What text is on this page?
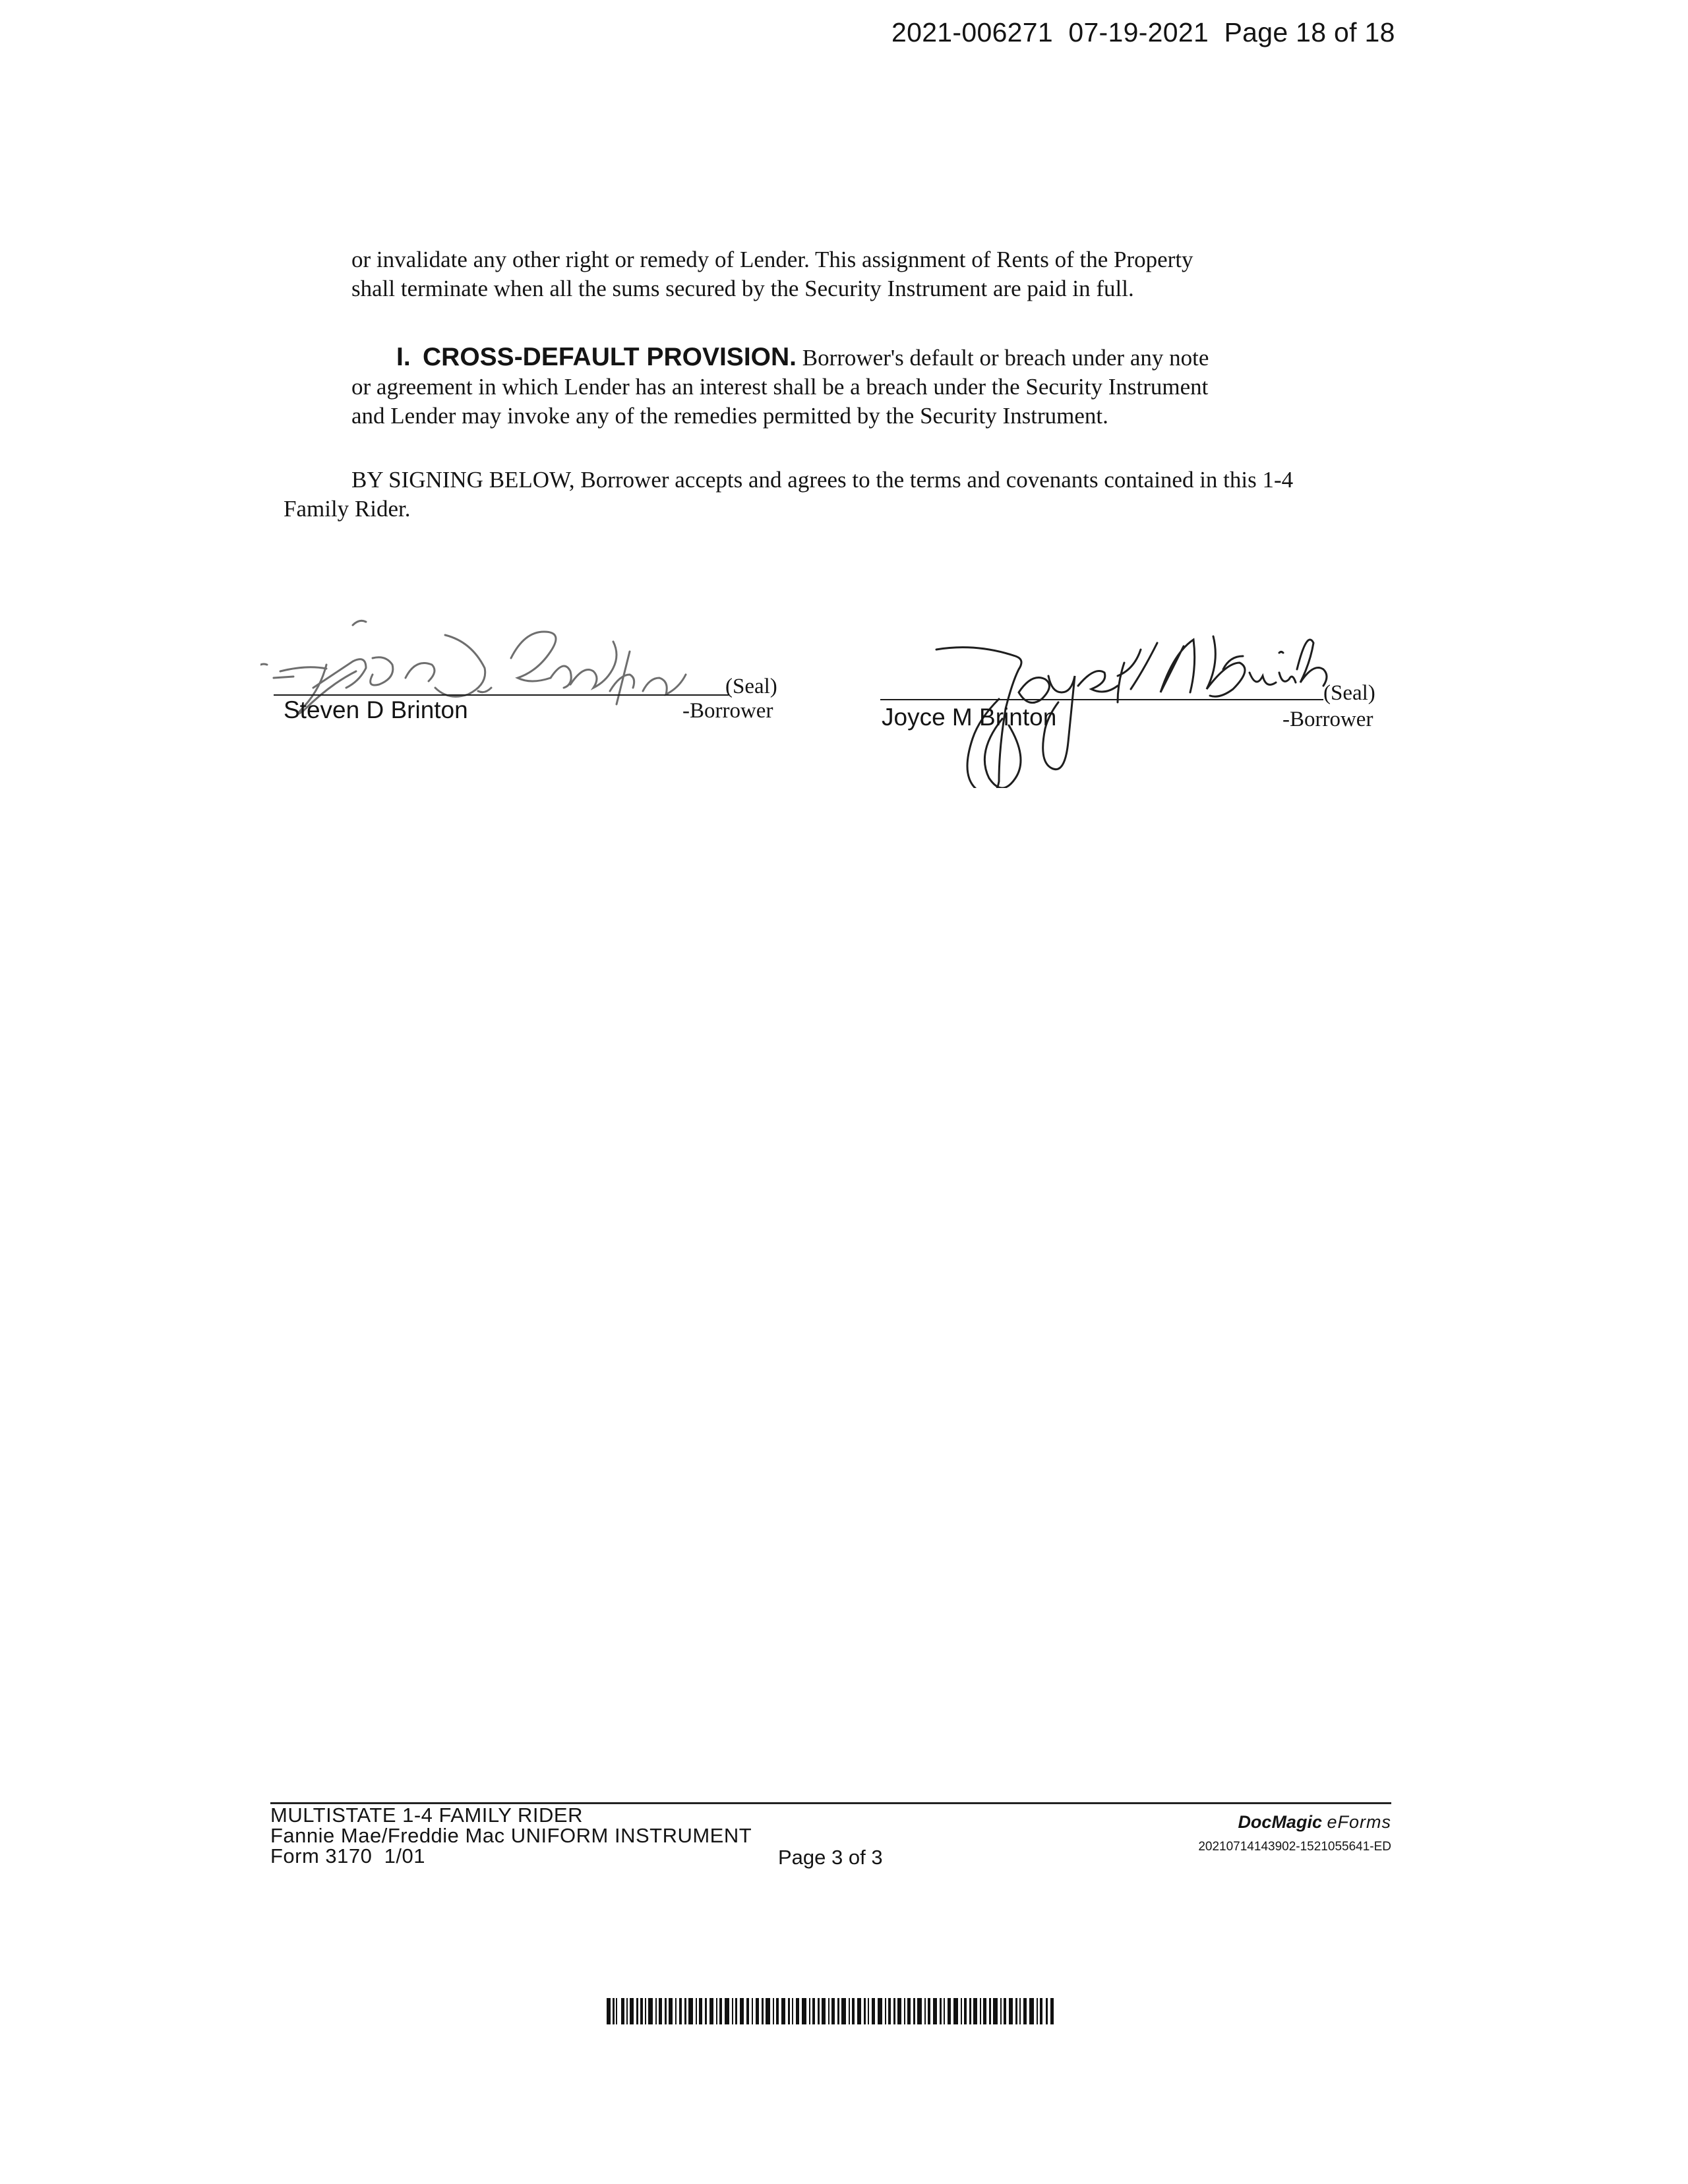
2021-006271  07-19-2021  Page 18 of 18
or invalidate any other right or remedy of Lender. This assignment of Rents of the Property
shall terminate when all the sums secured by the Security Instrument are paid in full.
I. CROSS-DEFAULT PROVISION. Borrower's default or breach under any note
or agreement in which Lender has an interest shall be a breach under the Security Instrument
and Lender may invoke any of the remedies permitted by the Security Instrument.
BY SIGNING BELOW, Borrower accepts and agrees to the terms and covenants contained in this 1-4
Family Rider.
(Seal)
Steven D Brinton	-Borrower
(Seal)
Joyce M Brinton	-Borrower
MULTISTATE 1-4 FAMILY RIDER
Fannie Mae/Freddie Mac UNIFORM INSTRUMENT
Form 3170  1/01	Page 3 of 3
DocMagic eForms
20210714143902-1521055641-ED
